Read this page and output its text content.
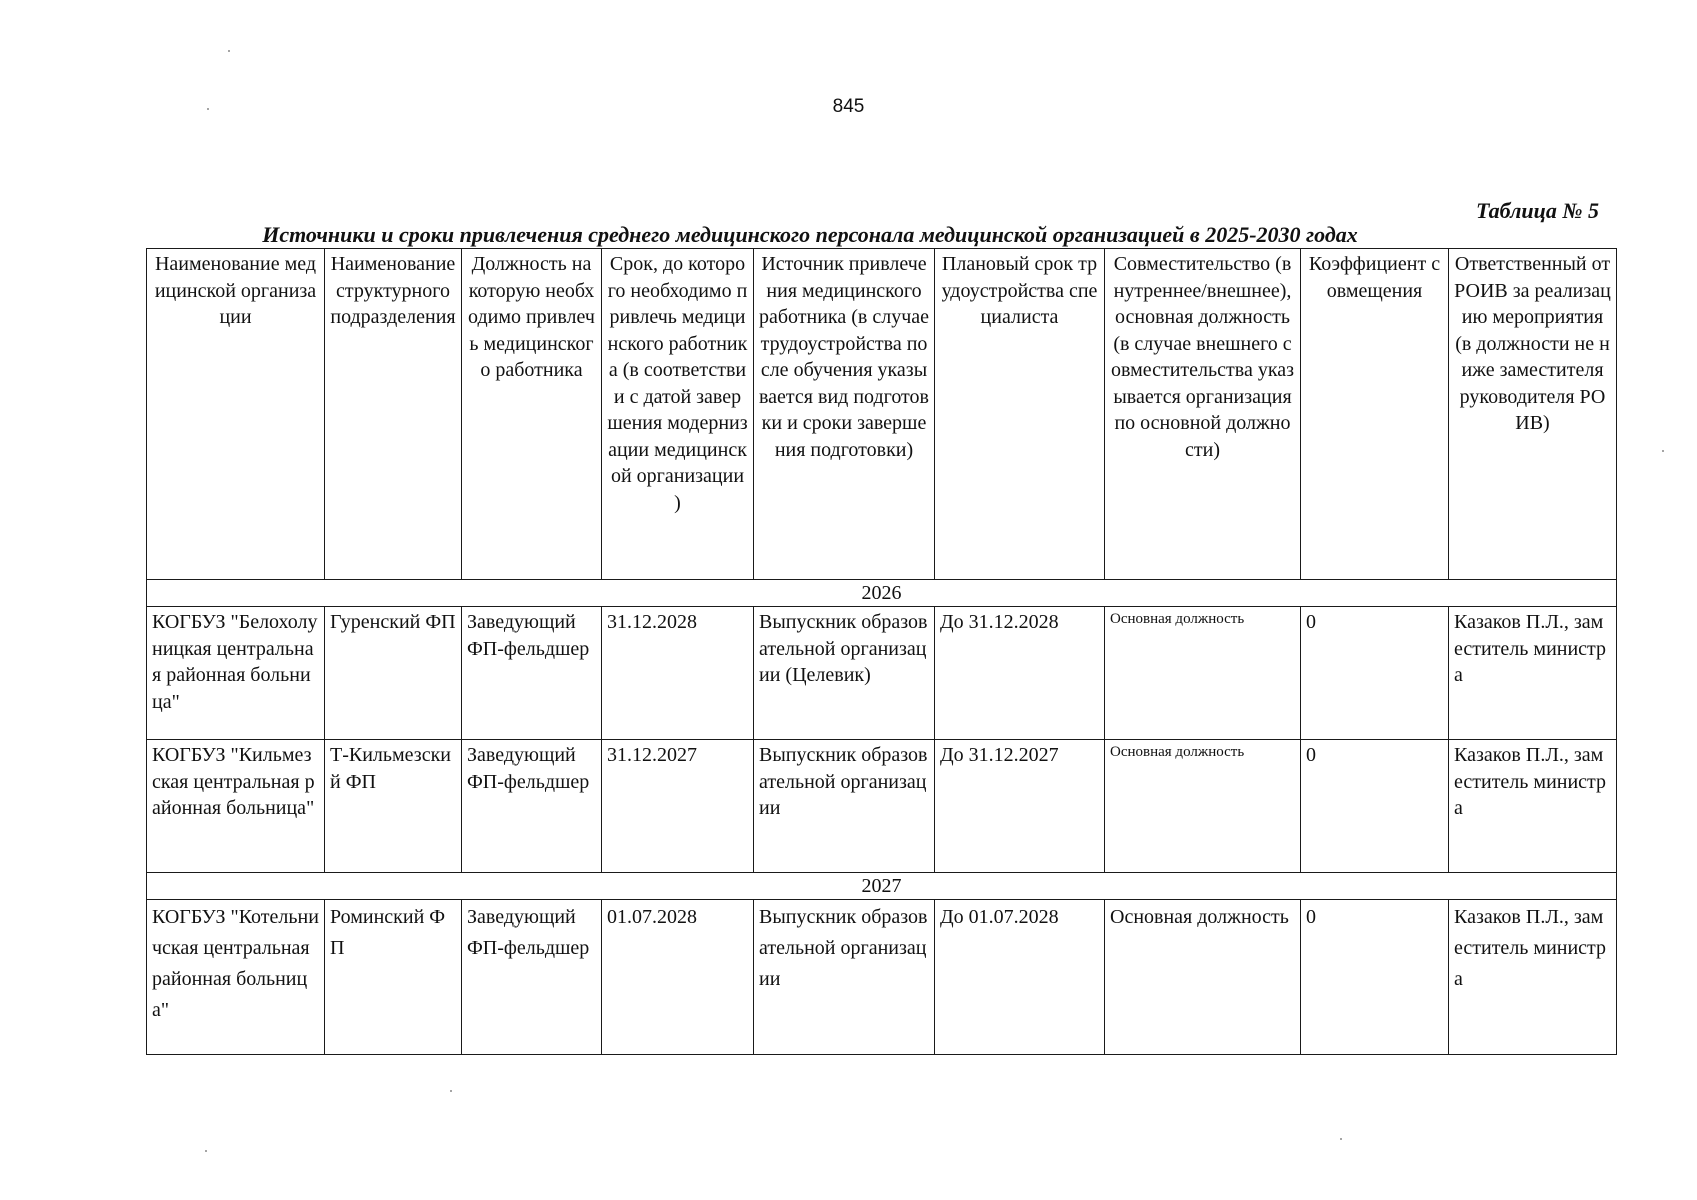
845
Таблица № 5
Источники и сроки привлечения среднего медицинского персонала медицинской организацией в 2025-2030 годах
Наименование медицинской организации	Наименование структурного подразделения	Должность на которую необходимо привлечь медицинского работника	Срок, до которого необходимо привлечь медицинского работника (в соответствии с датой завершения модернизации медицинской организации )	Источник привлечения медицинского работника (в случае трудоустройства после обучения указывается вид подготовки и сроки завершения подготовки)	Плановый срок трудоустройства специалиста	Совместительство (внутреннее/внешнее), основная должность (в случае внешнего совместительства указывается организация по основной должности)	Коэффициент совмещения	Ответственный от РОИВ за реализацию мероприятия (в должности не ниже заместителя руководителя РОИВ)
2026								
КОГБУЗ "Белохолуницкая центральная районная больница"	Гуренский ФП	Заведующий ФП-фельдшер	31.12.2028	Выпускник образовательной организации (Целевик)	До 31.12.2028	Основная должность	0	Казаков П.Л., заместитель министра
КОГБУЗ "Кильмезская центральная районная больница"	Т-Кильмезский ФП	Заведующий ФП-фельдшер	31.12.2027	Выпускник образовательной организации	До 31.12.2027	Основная должность	0	Казаков П.Л., заместитель министра
2027								
КОГБУЗ "Котельничская центральная районная больница"	Роминский ФП	Заведующий ФП-фельдшер	01.07.2028	Выпускник образовательной организации	До 01.07.2028	Основная должность	0	Казаков П.Л., заместитель министра
